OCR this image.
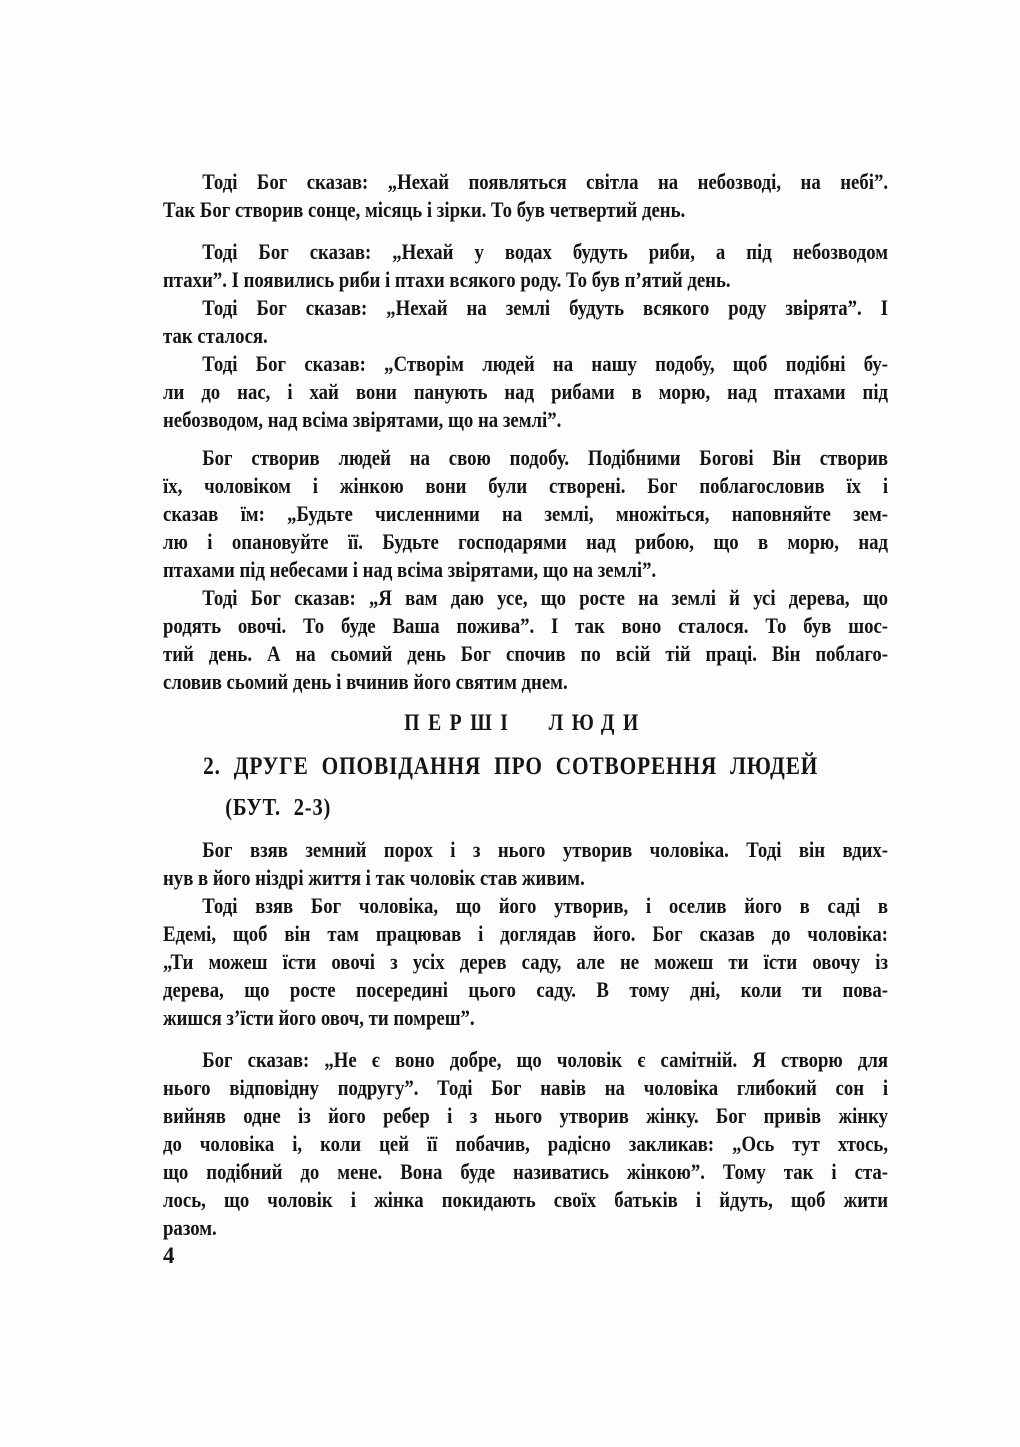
Тоді Бог сказав: „Нехай появляться світла на небозводі, на небі”.
Так Бог створив сонце, місяць і зірки. То був четвертий день.
Тоді Бог сказав: „Нехай у водах будуть риби, а під небозводом
птахи”. І появились риби і птахи всякого роду. То був п’ятий день.
Тоді Бог сказав: „Нехай на землі будуть всякого роду звірята”. І
так сталося.
Тоді Бог сказав: „Створім людей на нашу подобу, щоб подібні бу-
ли до нас, і хай вони панують над рибами в морю, над птахами під
небозводом, над всіма звірятами, що на землі”.
Бог створив людей на свою подобу. Подібними Богові Він створив
їх, чоловіком і жінкою вони були створені. Бог поблагословив їх і
сказав їм: „Будьте численними на землі, множіться, наповняйте зем-
лю і опановуйте її. Будьте господарями над рибою, що в морю, над
птахами під небесами і над всіма звірятами, що на землі”.
Тоді Бог сказав: „Я вам даю усе, що росте на землі й усі дерева, що
родять овочі. То буде Ваша пожива”. І так воно сталося. То був шос-
тий день. А на сьомий день Бог спочив по всій тій праці. Він поблаго-
словив сьомий день і вчинив його святим днем.
ПЕРШІ ЛЮДИ
2. ДРУГЕ ОПОВІДАННЯ ПРО СОТВОРЕННЯ ЛЮДЕЙ
(БУТ. 2-3)
Бог взяв земний порох і з нього утворив чоловіка. Тоді він вдих-
нув в його ніздрі життя і так чоловік став живим.
Тоді взяв Бог чоловіка, що його утворив, і оселив його в саді в
Едемі, щоб він там працював і доглядав його. Бог сказав до чоловіка:
„Ти можеш їсти овочі з усіх дерев саду, але не можеш ти їсти овочу із
дерева, що росте посередині цього саду. В тому дні, коли ти пова-
жишся з’їсти його овоч, ти помреш”.
Бог сказав: „Не є воно добре, що чоловік є самітній. Я створю для
нього відповідну подругу”. Тоді Бог навів на чоловіка глибокий сон і
вийняв одне із його ребер і з нього утворив жінку. Бог привів жінку
до чоловіка і, коли цей її побачив, радісно закликав: „Ось тут хтось,
що подібний до мене. Вона буде називатись жінкою”. Тому так і ста-
лось, що чоловік і жінка покидають своїх батьків і йдуть, щоб жити
разом.
4
